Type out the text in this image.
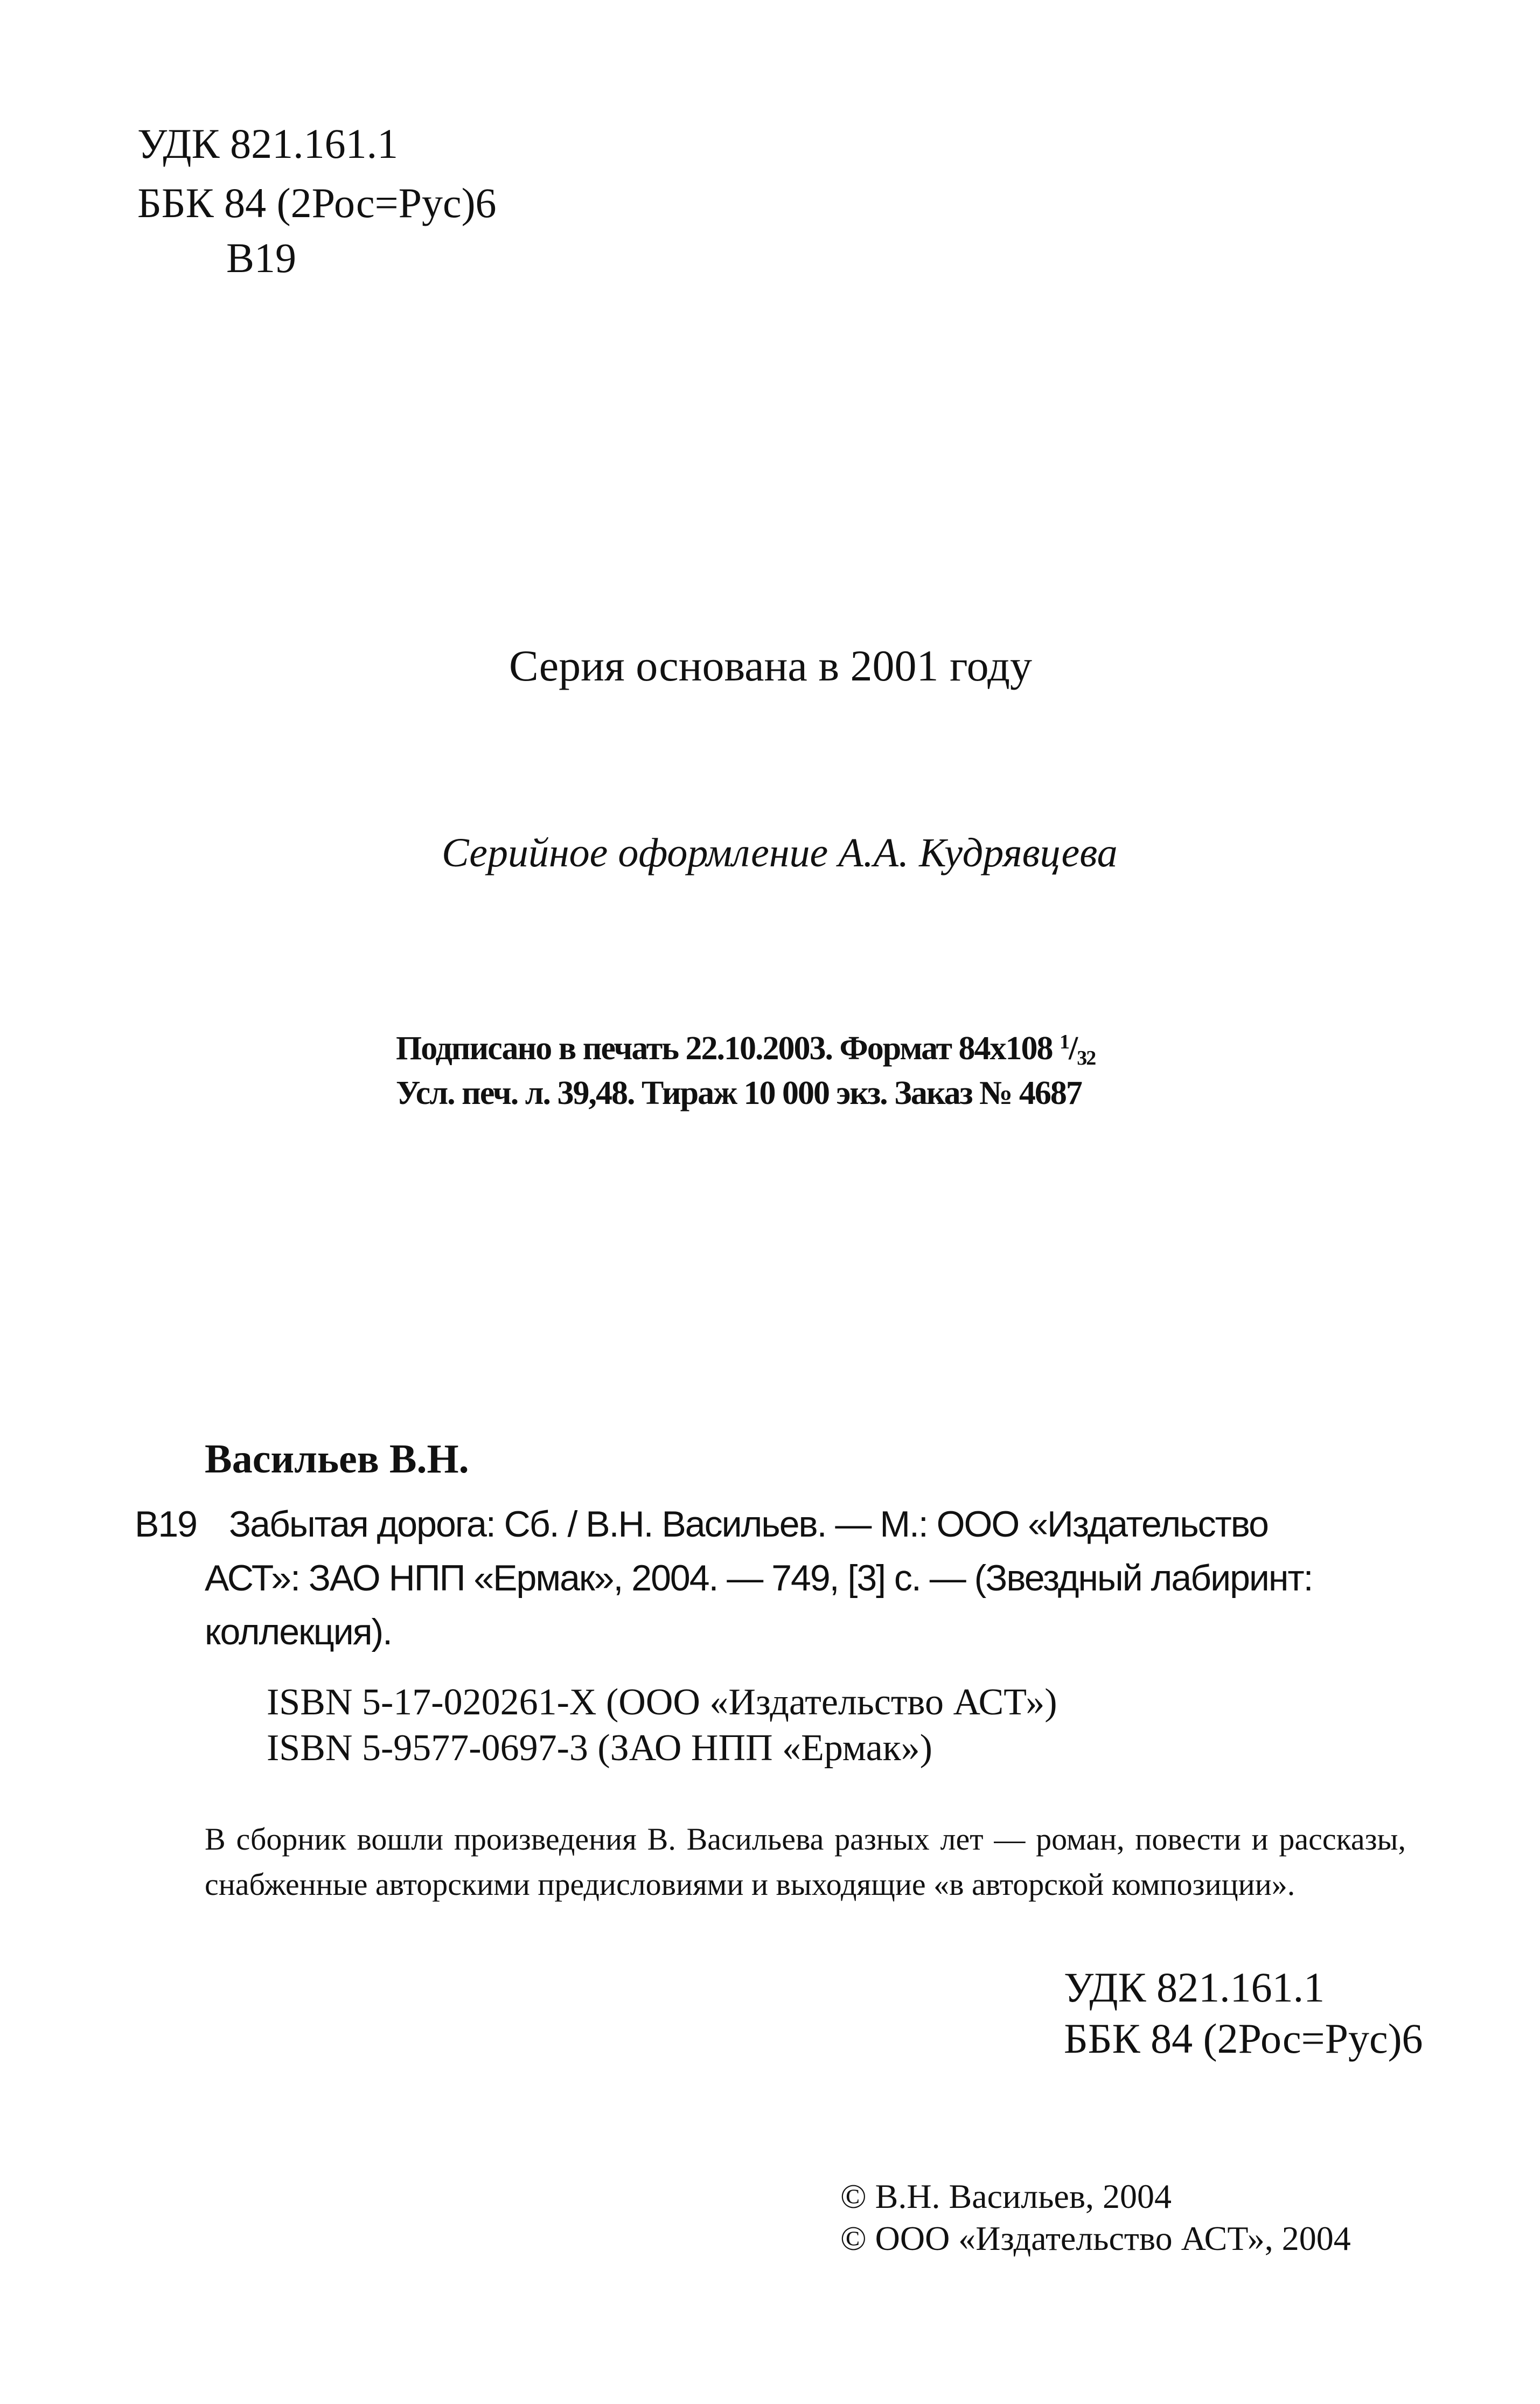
УДК 821.161.1
ББК 84 (2Рос=Рус)6
В19
Серия основана в 2001 году
Серийное оформление А.А. Кудрявцева
Подписано в печать 22.10.2003. Формат 84х108 $^1/_{32}$
Усл. печ. л. 39,48. Тираж 10 000 экз. Заказ № 4687
Васильев В.Н.
В19 Забытая дорога: Сб. / В.Н. Васильев. — М.: ООО «Издательство
АСТ»: ЗАО НПП «Ермак», 2004. — 749, [3] с. — (Звездный лабиринт:
коллекция).
ISBN 5-17-020261-X (ООО «Издательство АСТ»)
ISBN 5-9577-0697-3 (ЗАО НПП «Ермак»)
В сборник вошли произведения В. Васильева разных лет — роман, повести и рассказы, снабженные авторскими предисловиями и выходящие «в авторской композиции».
УДК 821.161.1
ББК 84 (2Рос=Рус)6
© В.Н. Васильев, 2004
© ООО «Издательство АСТ», 2004
